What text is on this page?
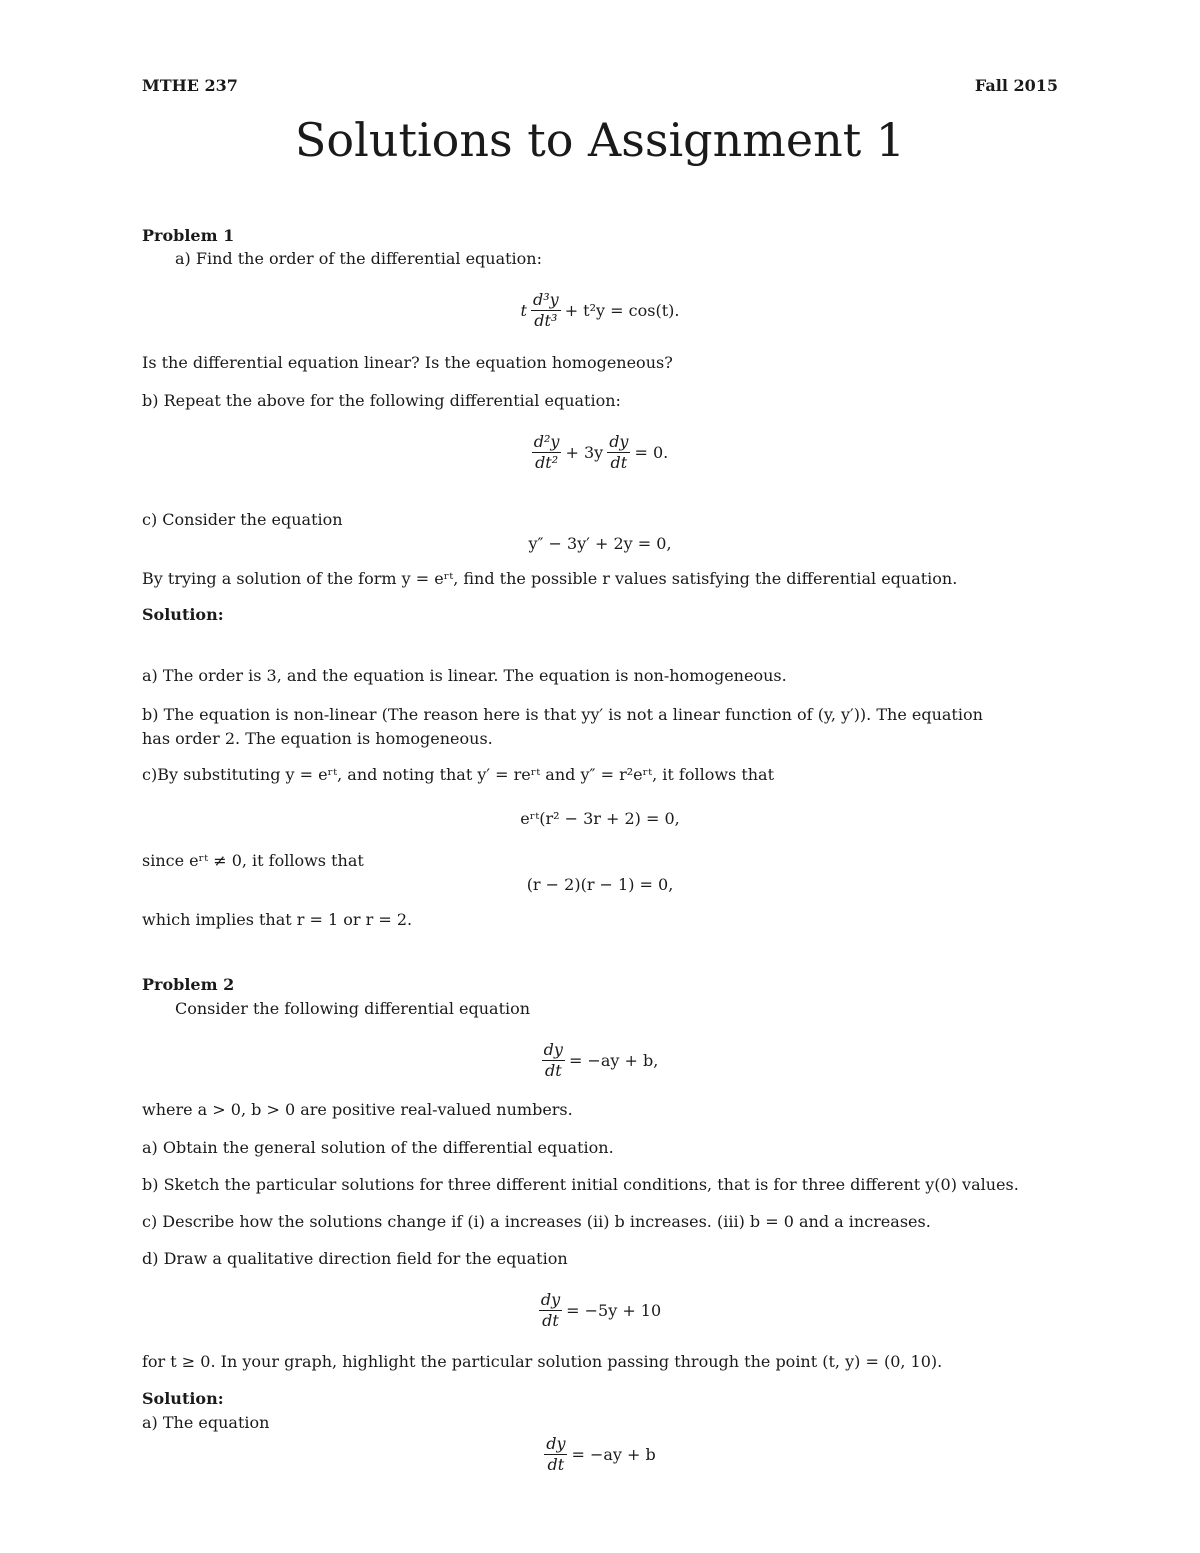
MTHE 237	Fall 2015
Solutions to Assignment 1
Problem 1
a) Find the order of the differential equation:
t $\frac{\text{d³y}}{\text{dt³}} + t^2y = \cos(t)$.
Is the differential equation linear? Is the equation homogeneous?
b) Repeat the above for the following differential equation:
$\frac{\text{d²y}}{\text{dt²}} + 3y \frac{dy}{dt} = 0$.
c) Consider the equation
y″ − 3y′ + 2y = 0,
By trying a solution of the form y = eʳᵗ, find the possible r values satisfying the differential equation.
Solution:
a) The order is 3, and the equation is linear. The equation is non-homogeneous.
b) The equation is non-linear (The reason here is that yy′ is not a linear function of (y, y′)). The equation
has order 2. The equation is homogeneous.
c)By substituting y = eʳᵗ, and noting that y′ = reʳᵗ and y″ = r²eʳᵗ, it follows that
eʳᵗ(r² − 3r + 2) = 0,
since eʳᵗ ≠ 0, it follows that
(r − 2)(r − 1) = 0,
which implies that r = 1 or r = 2.
Problem 2
Consider the following differential equation
$\frac{dy}{dt} = -ay + b$,
where a > 0, b > 0 are positive real-valued numbers.
a) Obtain the general solution of the differential equation.
b) Sketch the particular solutions for three different initial conditions, that is for three different y(0) values.
c) Describe how the solutions change if (i) a increases (ii) b increases. (iii) b = 0 and a increases.
d) Draw a qualitative direction field for the equation
$\frac{dy}{dt} = -5y + 10$
for t ≥ 0. In your graph, highlight the particular solution passing through the point (t, y) = (0, 10).
Solution:
a) The equation
$\frac{dy}{dt} = -ay + b$
